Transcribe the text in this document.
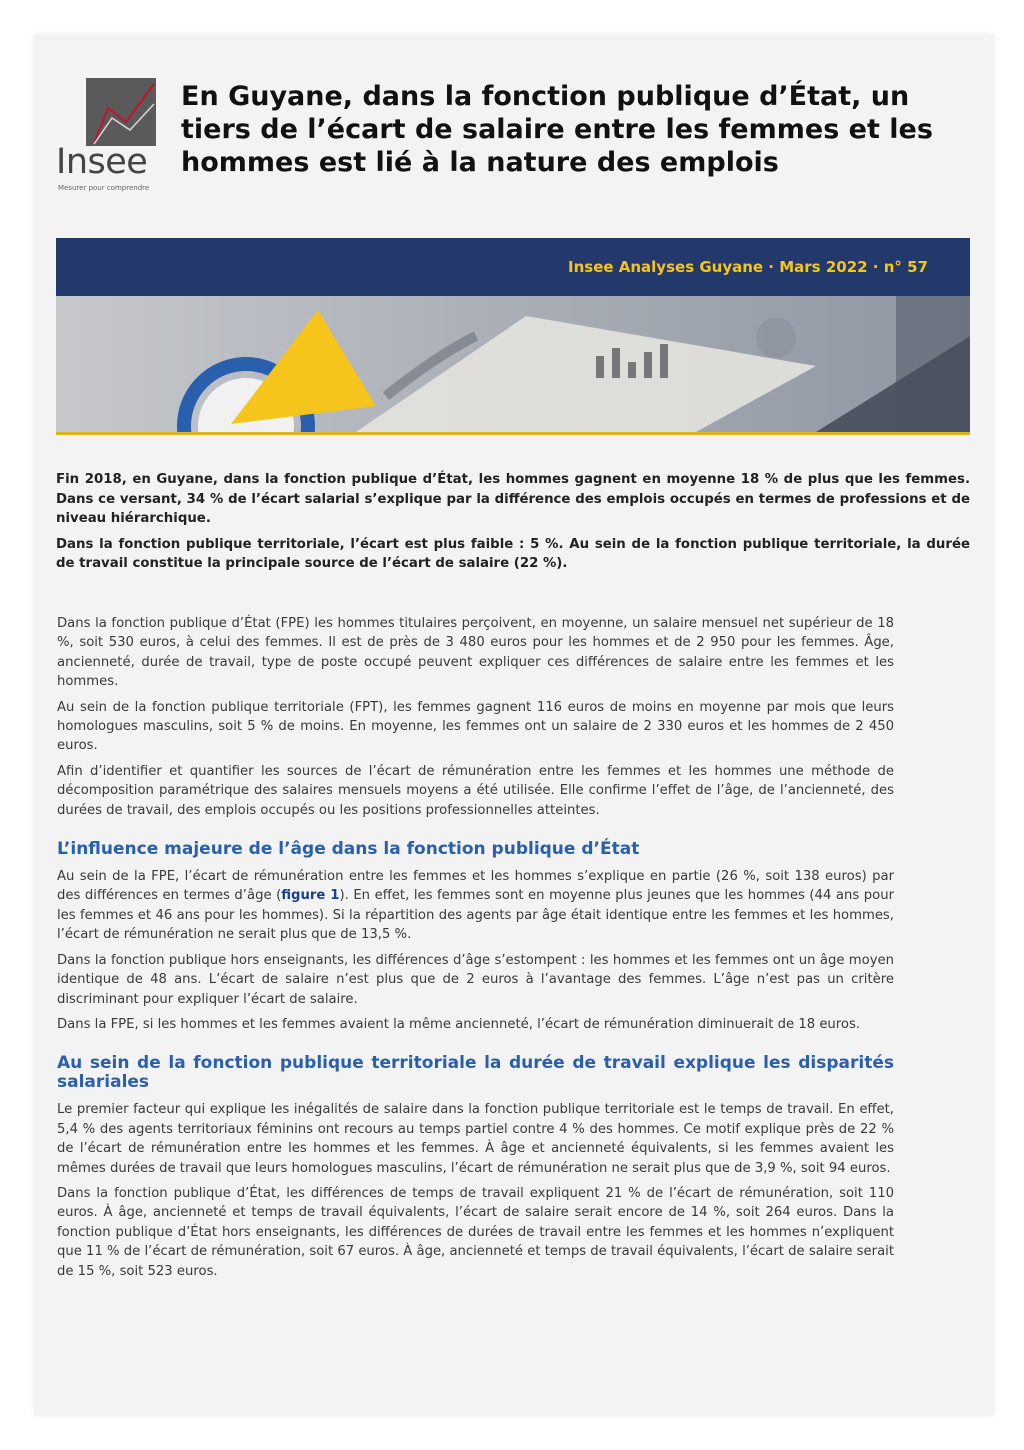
Insee
Mesurer pour comprendre
En Guyane, dans la fonction publique d’État, un tiers de l’écart de salaire entre les femmes et les hommes est lié à la nature des emplois
Insee Analyses Guyane · Mars 2022 · n° 57

Fin 2018, en Guyane, dans la fonction publique d’État, les hommes gagnent en moyenne 18 % de plus que les femmes. Dans ce versant, 34 % de l’écart salarial s’explique par la différence des emplois occupés en termes de professions et de niveau hiérarchique.

Dans la fonction publique territoriale, l’écart est plus faible : 5 %. Au sein de la fonction publique territoriale, la durée de travail constitue la principale source de l’écart de salaire (22 %).

Dans la fonction publique d’État (FPE) les hommes titulaires perçoivent, en moyenne, un salaire mensuel net supérieur de 18 %, soit 530 euros, à celui des femmes. Il est de près de 3 480 euros pour les hommes et de 2 950 pour les femmes. Âge, ancienneté, durée de travail, type de poste occupé peuvent expliquer ces différences de salaire entre les femmes et les hommes.

Au sein de la fonction publique territoriale (FPT), les femmes gagnent 116 euros de moins en moyenne par mois que leurs homologues masculins, soit 5 % de moins. En moyenne, les femmes ont un salaire de 2 330 euros et les hommes de 2 450 euros.

Afin d’identifier et quantifier les sources de l’écart de rémunération entre les femmes et les hommes une méthode de décomposition paramétrique des salaires mensuels moyens a été utilisée. Elle confirme l’effet de l’âge, de l’ancienneté, des durées de travail, des emplois occupés ou les positions professionnelles atteintes.

L’influence majeure de l’âge dans la fonction publique d’État

Au sein de la FPE, l’écart de rémunération entre les femmes et les hommes s’explique en partie (26 %, soit 138 euros) par des différences en termes d’âge (figure 1). En effet, les femmes sont en moyenne plus jeunes que les hommes (44 ans pour les femmes et 46 ans pour les hommes). Si la répartition des agents par âge était identique entre les femmes et les hommes, l’écart de rémunération ne serait plus que de 13,5 %.

Dans la fonction publique hors enseignants, les différences d’âge s’estompent : les hommes et les femmes ont un âge moyen identique de 48 ans. L’écart de salaire n’est plus que de 2 euros à l’avantage des femmes. L’âge n’est pas un critère discriminant pour expliquer l’écart de salaire.

Dans la FPE, si les hommes et les femmes avaient la même ancienneté, l’écart de rémunération diminuerait de 18 euros.

Au sein de la fonction publique territoriale la durée de travail explique les disparités salariales

Le premier facteur qui explique les inégalités de salaire dans la fonction publique territoriale est le temps de travail. En effet, 5,4 % des agents territoriaux féminins ont recours au temps partiel contre 4 % des hommes. Ce motif explique près de 22 % de l’écart de rémunération entre les hommes et les femmes. À âge et ancienneté équivalents, si les femmes avaient les mêmes durées de travail que leurs homologues masculins, l’écart de rémunération ne serait plus que de 3,9 %, soit 94 euros.

Dans la fonction publique d’État, les différences de temps de travail expliquent 21 % de l’écart de rémunération, soit 110 euros. À âge, ancienneté et temps de travail équivalents, l’écart de salaire serait encore de 14 %, soit 264 euros. Dans la fonction publique d’État hors enseignants, les différences de durées de travail entre les femmes et les hommes n’expliquent que 11 % de l’écart de rémunération, soit 67 euros. À âge, ancienneté et temps de travail équivalents, l’écart de salaire serait de 15 %, soit 523 euros.
